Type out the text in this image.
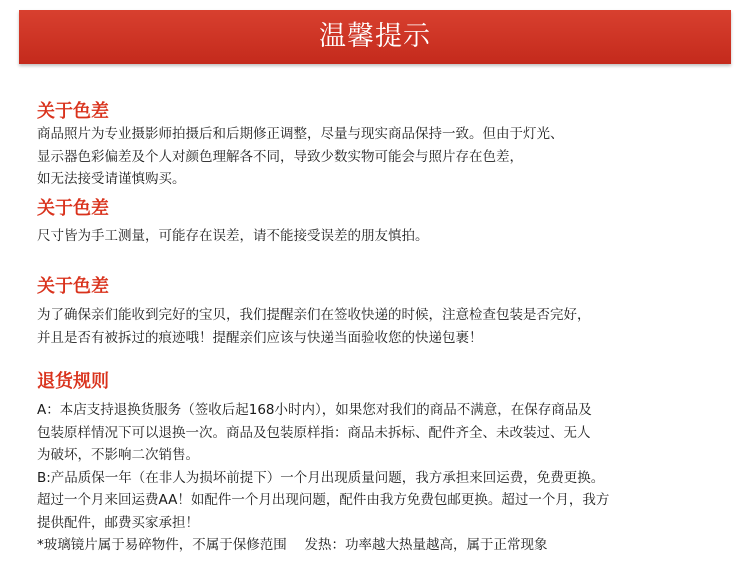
温馨提示
关于色差
商品照片为专业摄影师拍摄后和后期修正调整，尽量与现实商品保持一致。但由于灯光、
显示器色彩偏差及个人对颜色理解各不同，导致少数实物可能会与照片存在色差，
如无法接受请谨慎购买。
关于色差
尺寸皆为手工测量，可能存在误差，请不能接受误差的朋友慎拍。
关于色差
为了确保亲们能收到完好的宝贝，我们提醒亲们在签收快递的时候，注意检查包装是否完好，
并且是否有被拆过的痕迹哦！提醒亲们应该与快递当面验收您的快递包裹！
退货规则
A：本店支持退换货服务（签收后起168小时内），如果您对我们的商品不满意，在保存商品及
包装原样情况下可以退换一次。商品及包装原样指：商品未拆标、配件齐全、未改装过、无人
为破坏，不影响二次销售。
B:产品质保一年（在非人为损坏前提下）一个月出现质量问题，我方承担来回运费，免费更换。
超过一个月来回运费AA！如配件一个月出现问题，配件由我方免费包邮更换。超过一个月，我方
提供配件，邮费买家承担！
*玻璃镜片属于易碎物件，不属于保修范围　 发热：功率越大热量越高，属于正常现象
